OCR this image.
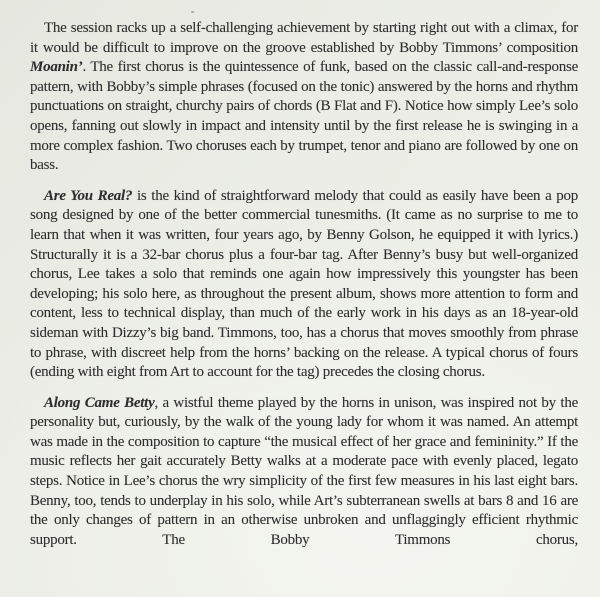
The session racks up a self-challenging achievement by starting right out with a climax, for it would be difficult to improve on the groove established by Bobby Timmons’ composition Moanin’. The first chorus is the quintessence of funk, based on the classic call-and-response pattern, with Bobby’s simple phrases (focused on the tonic) answered by the horns and rhythm punctuations on straight, churchy pairs of chords (B Flat and F). Notice how simply Lee’s solo opens, fanning out slowly in impact and intensity until by the first release he is swinging in a more complex fashion. Two choruses each by trumpet, tenor and piano are followed by one on bass.

Are You Real? is the kind of straightforward melody that could as easily have been a pop song designed by one of the better commercial tunesmiths. (It came as no surprise to me to learn that when it was written, four years ago, by Benny Golson, he equipped it with lyrics.) Structurally it is a 32-bar chorus plus a four-bar tag. After Benny’s busy but well-organized chorus, Lee takes a solo that reminds one again how impressively this youngster has been developing; his solo here, as throughout the present album, shows more attention to form and content, less to technical display, than much of the early work in his days as an 18-year-old sideman with Dizzy’s big band. Timmons, too, has a chorus that moves smoothly from phrase to phrase, with discreet help from the horns’ backing on the release. A typical chorus of fours (ending with eight from Art to account for the tag) precedes the closing chorus.

Along Came Betty, a wistful theme played by the horns in unison, was inspired not by the personality but, curiously, by the walk of the young lady for whom it was named. An attempt was made in the composition to capture “the musical effect of her grace and femininity.” If the music reflects her gait accurately Betty walks at a moderate pace with evenly placed, legato steps. Notice in Lee’s chorus the wry simplicity of the first few measures in his last eight bars. Benny, too, tends to underplay in his solo, while Art’s subterranean swells at bars 8 and 16 are the only changes of pattern in an otherwise unbroken and unflaggingly efficient rhythmic support. The Bobby Timmons chorus,
